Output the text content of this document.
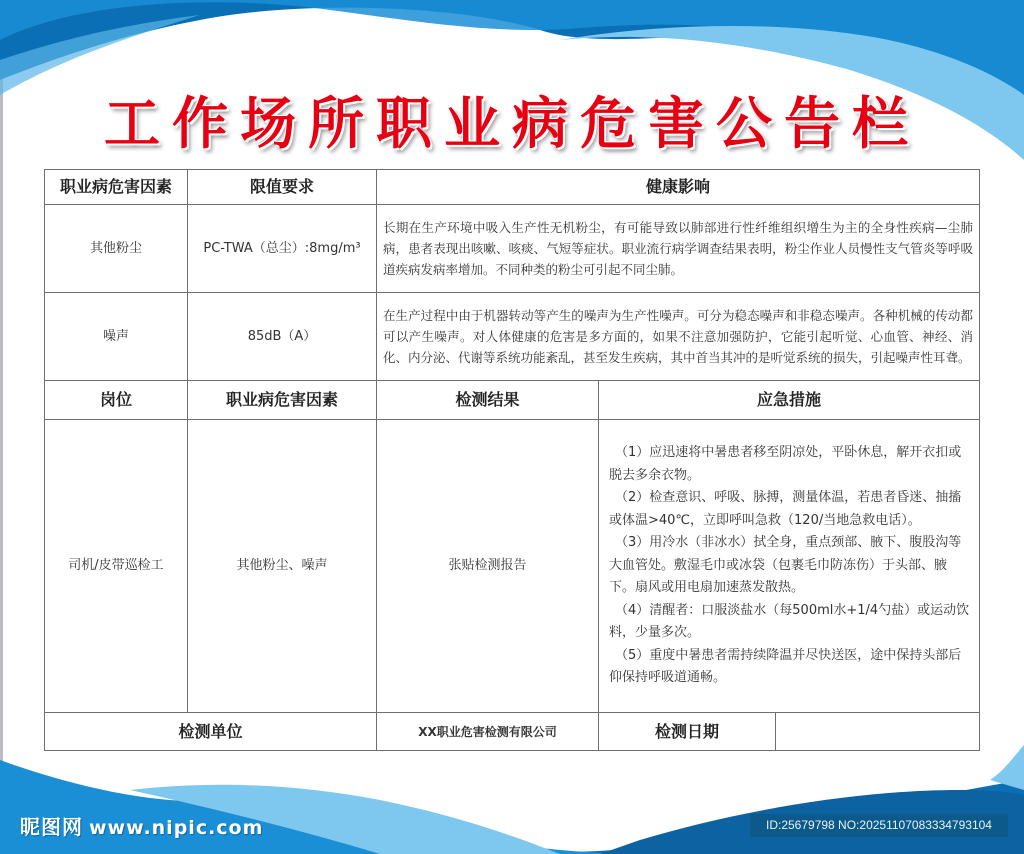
工作场所职业病危害公告栏
职业病危害因素	限值要求	健康影响		
其他粉尘	PC-TWA（总尘）:8mg/m³	长期在生产环境中吸入生产性无机粉尘，有可能导致以肺部进行性纤维组织增生为主的全身性疾病—尘肺病，患者表现出咳嗽、咳痰、气短等症状。职业流行病学调查结果表明，粉尘作业人员慢性支气管炎等呼吸道疾病发病率增加。不同种类的粉尘可引起不同尘肺。		
噪声	85dB（A）	在生产过程中由于机器转动等产生的噪声为生产性噪声。可分为稳态噪声和非稳态噪声。各种机械的传动都可以产生噪声。对人体健康的危害是多方面的，如果不注意加强防护，它能引起听觉、心血管、神经、消化、内分泌、代谢等系统功能紊乱，甚至发生疾病，其中首当其冲的是听觉系统的损失，引起噪声性耳聋。		
岗位	职业病危害因素	检测结果	应急措施	
司机/皮带巡检工	其他粉尘、噪声	张贴检测报告	（1）应迅速将中暑患者移至阴凉处，平卧休息，解开衣扣或脱去多余衣物。
（2）检查意识、呼吸、脉搏，测量体温，若患者昏迷、抽搐或体温>40℃，立即呼叫急救（120/当地急救电话）。
（3）用冷水（非冰水）拭全身，重点颈部、腋下、腹股沟等大血管处。敷湿毛巾或冰袋（包裹毛巾防冻伤）于头部、腋下。扇风或用电扇加速蒸发散热。
（4）清醒者：口服淡盐水（每500ml水+1/4勺盐）或运动饮料，少量多次。
（5）重度中暑患者需持续降温并尽快送医，途中保持头部后仰保持呼吸道通畅。	

检测单位		XX职业危害检测有限公司	检测日期	
昵图网 www.nipic.com	ID:25679798 NO:20251107083334793104
